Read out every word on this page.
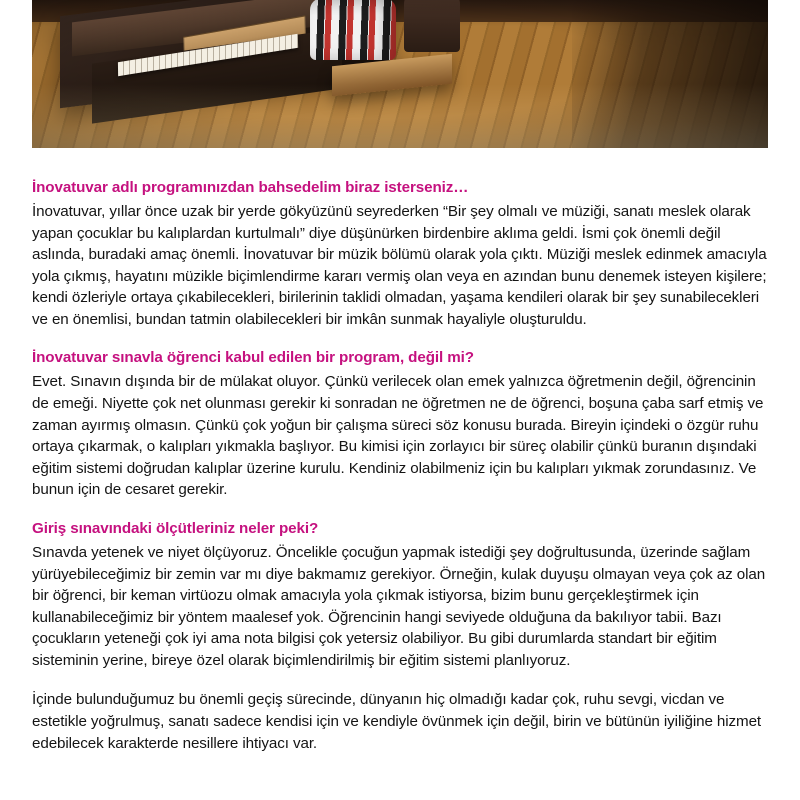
İnovatuvar adlı programınızdan bahsedelim biraz isterseniz…

İnovatuvar, yıllar önce uzak bir yerde gökyüzünü seyrederken “Bir şey olmalı ve müziği, sanatı meslek olarak yapan çocuklar bu kalıplardan kurtulmalı” diye düşünürken birdenbire aklıma geldi. İsmi çok önemli değil aslında, buradaki amaç önemli. İnovatuvar bir müzik bölümü olarak yola çıktı. Müziği meslek edinmek amacıyla yola çıkmış, hayatını müzikle biçimlendirme kararı vermiş olan veya en azından bunu denemek isteyen kişilere; kendi özleriyle ortaya çıkabilecekleri, birilerinin taklidi olmadan, yaşama kendileri olarak bir şey sunabilecekleri ve en önemlisi, bundan tatmin olabilecekleri bir imkân sunmak hayaliyle oluşturuldu.

İnovatuvar sınavla öğrenci kabul edilen bir program, değil mi?

Evet. Sınavın dışında bir de mülakat oluyor. Çünkü verilecek olan emek yalnızca öğretmenin değil, öğrencinin de emeği. Niyette çok net olunması gerekir ki sonradan ne öğretmen ne de öğrenci, boşuna çaba sarf etmiş ve zaman ayırmış olmasın. Çünkü çok yoğun bir çalışma süreci söz konusu burada. Bireyin içindeki o özgür ruhu ortaya çıkarmak, o kalıpları yıkmakla başlıyor. Bu kimisi için zorlayıcı bir süreç olabilir çünkü buranın dışındaki eğitim sistemi doğrudan kalıplar üzerine kurulu. Kendiniz olabilmeniz için bu kalıpları yıkmak zorundasınız. Ve bunun için de cesaret gerekir.

Giriş sınavındaki ölçütleriniz neler peki?

Sınavda yetenek ve niyet ölçüyoruz. Öncelikle çocuğun yapmak istediği şey doğrultusunda, üzerinde sağlam yürüyebileceğimiz bir zemin var mı diye bakmamız gerekiyor. Örneğin, kulak duyuşu olmayan veya çok az olan bir öğrenci, bir keman virtüozu olmak amacıyla yola çıkmak istiyorsa, bizim bunu gerçekleştirmek için kullanabileceğimiz bir yöntem maalesef yok. Öğrencinin hangi seviyede olduğuna da bakılıyor tabii. Bazı çocukların yeteneği çok iyi ama nota bilgisi çok yetersiz olabiliyor. Bu gibi durumlarda standart bir eğitim sisteminin yerine, bireye özel olarak biçimlendirilmiş bir eğitim sistemi planlıyoruz.

İçinde bulunduğumuz bu önemli geçiş sürecinde, dünyanın hiç olmadığı kadar çok, ruhu sevgi, vicdan ve estetikle yoğrulmuş, sanatı sadece kendisi için ve kendiyle övünmek için değil, birin ve bütünün iyiliğine hizmet edebilecek karakterde nesillere ihtiyacı var.
